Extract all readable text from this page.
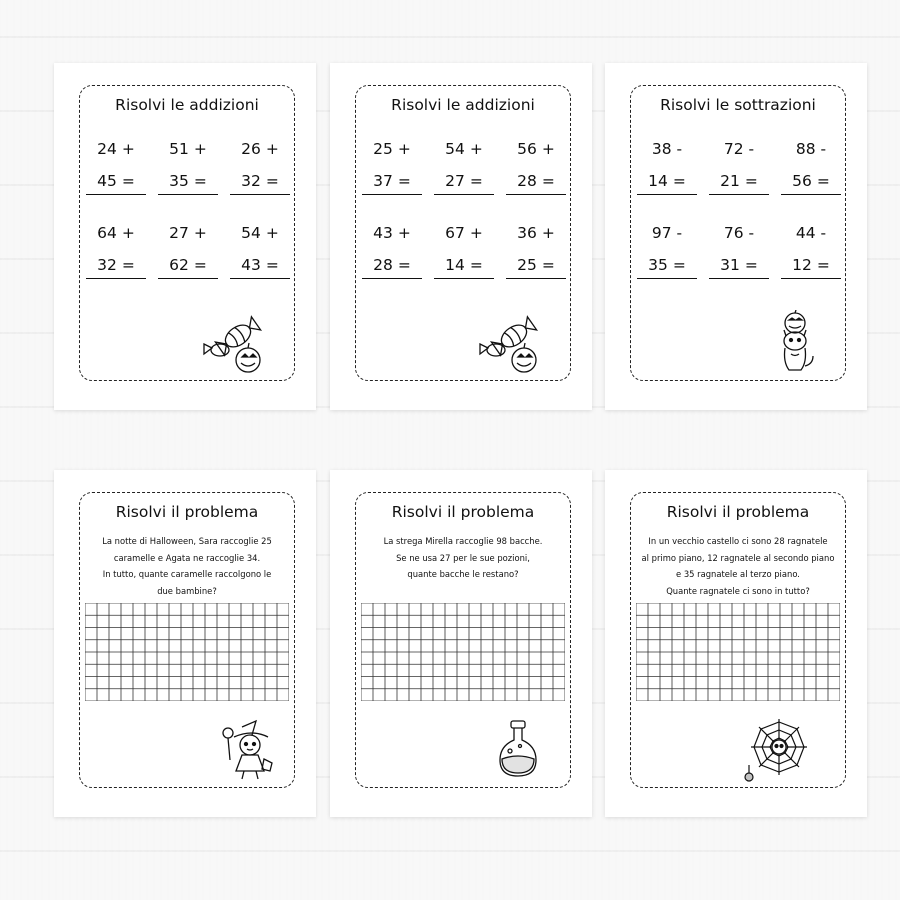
Risolvi le addizioni
24 +
45 =
51 +
35 =
26 +
32 =
64 +
32 =
27 +
62 =
54 +
43 =
Risolvi le addizioni
25 +
37 =
54 +
27 =
56 +
28 =
43 +
28 =
67 +
14 =
36 +
25 =
Risolvi le sottrazioni
38 -
14 =
72 -
21 =
88 -
56 =
97 -
35 =
76 -
31 =
44 -
12 =
Risolvi il problema
La notte di Halloween, Sara raccoglie 25
caramelle e Agata ne raccoglie 34.
In tutto, quante caramelle raccolgono le
due bambine?
Risolvi il problema
La strega Mirella raccoglie 98 bacche.
Se ne usa 27 per le sue pozioni,
quante bacche le restano?
Risolvi il problema
In un vecchio castello ci sono 28 ragnatele
al primo piano, 12 ragnatele al secondo piano
e 35 ragnatele al terzo piano.
Quante ragnatele ci sono in tutto?
